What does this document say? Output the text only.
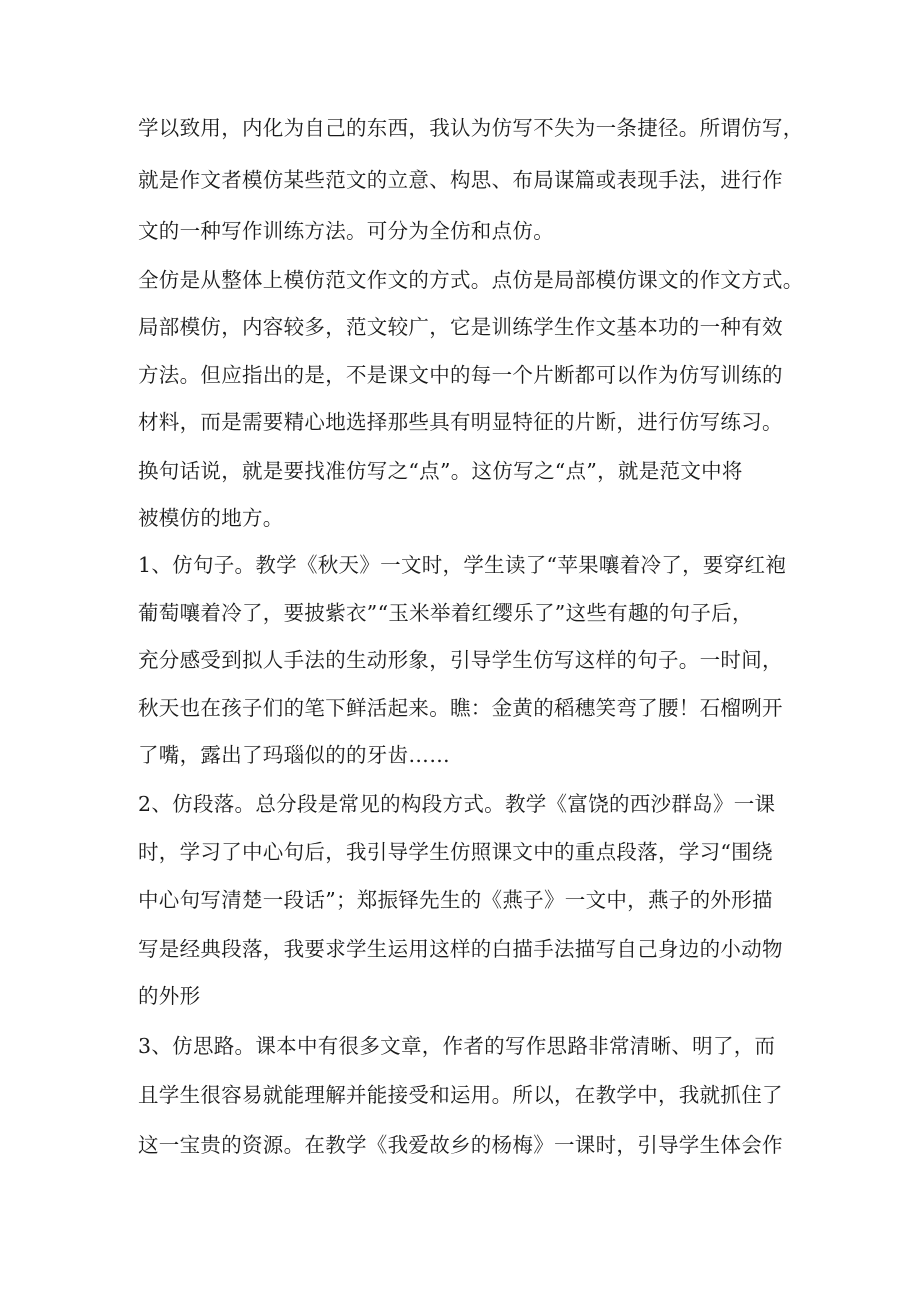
学以致用，内化为自己的东西，我认为仿写不失为一条捷径。所谓仿写，
就是作文者模仿某些范文的立意、构思、布局谋篇或表现手法，进行作
文的一种写作训练方法。可分为全仿和点仿。
全仿是从整体上模仿范文作文的方式。点仿是局部模仿课文的作文方式。
局部模仿，内容较多，范文较广，它是训练学生作文基本功的一种有效
方法。但应指出的是，不是课文中的每一个片断都可以作为仿写训练的
材料，而是需要精心地选择那些具有明显特征的片断，进行仿写练习。
换句话说，就是要找准仿写之“点”。这仿写之“点”，就是范文中将
被模仿的地方。
1、仿句子。教学《秋天》一文时，学生读了“苹果嚷着冷了，要穿红袍
葡萄嚷着冷了，要披紫衣”“玉米举着红缨乐了”这些有趣的句子后，
充分感受到拟人手法的生动形象，引导学生仿写这样的句子。一时间，
秋天也在孩子们的笔下鲜活起来。瞧：金黄的稻穗笑弯了腰！石榴咧开
了嘴，露出了玛瑙似的的牙齿……
2、仿段落。总分段是常见的构段方式。教学《富饶的西沙群岛》一课
时，学习了中心句后，我引导学生仿照课文中的重点段落，学习“围绕
中心句写清楚一段话”；郑振铎先生的《燕子》一文中，燕子的外形描
写是经典段落，我要求学生运用这样的白描手法描写自己身边的小动物
的外形
3、仿思路。课本中有很多文章，作者的写作思路非常清晰、明了，而
且学生很容易就能理解并能接受和运用。所以，在教学中，我就抓住了
这一宝贵的资源。在教学《我爱故乡的杨梅》一课时，引导学生体会作
